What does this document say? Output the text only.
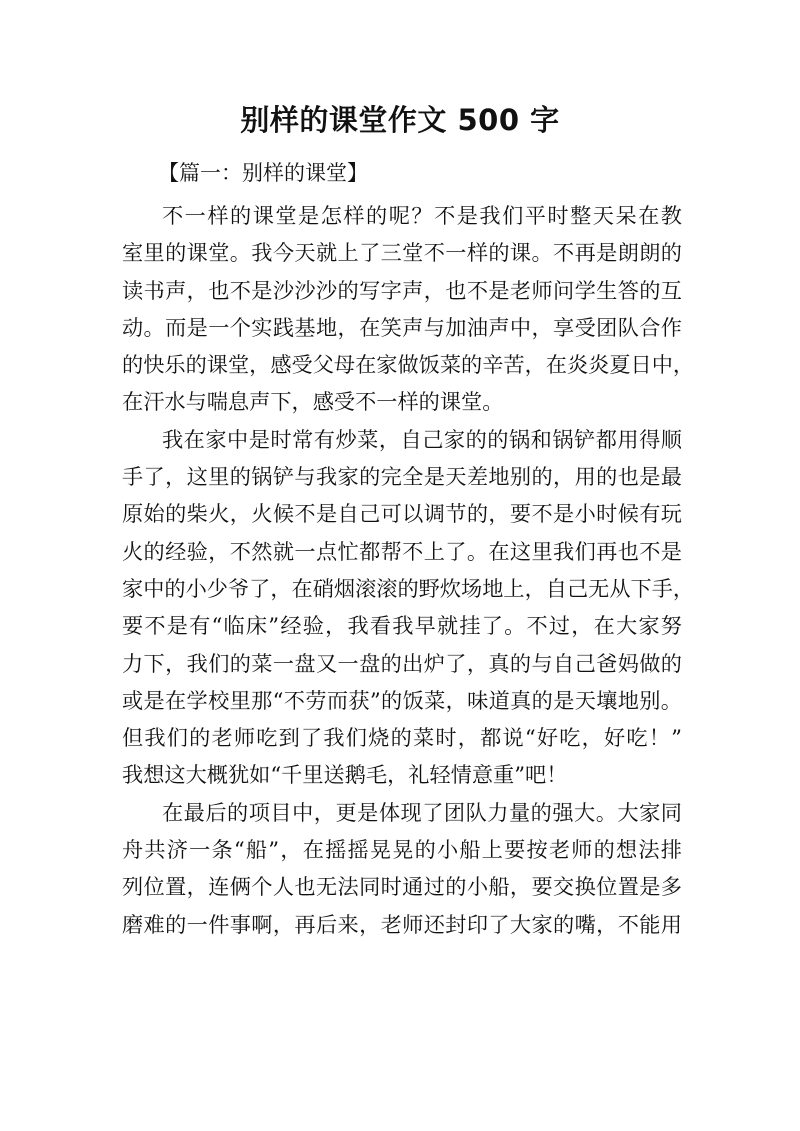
别样的课堂作文 500 字

【篇一：别样的课堂】

不一样的课堂是怎样的呢？不是我们平时整天呆在教
室里的课堂。我今天就上了三堂不一样的课。不再是朗朗的
读书声，也不是沙沙沙的写字声，也不是老师问学生答的互
动。而是一个实践基地，在笑声与加油声中，享受团队合作
的快乐的课堂，感受父母在家做饭菜的辛苦，在炎炎夏日中，
在汗水与喘息声下，感受不一样的课堂。
我在家中是时常有炒菜，自己家的的锅和锅铲都用得顺
手了，这里的锅铲与我家的完全是天差地别的，用的也是最
原始的柴火，火候不是自己可以调节的，要不是小时候有玩
火的经验，不然就一点忙都帮不上了。在这里我们再也不是
家中的小少爷了，在硝烟滚滚的野炊场地上，自己无从下手，
要不是有“临床”经验，我看我早就挂了。不过，在大家努
力下，我们的菜一盘又一盘的出炉了，真的与自己爸妈做的
或是在学校里那“不劳而获”的饭菜，味道真的是天壤地别。
但我们的老师吃到了我们烧的菜时，都说“好吃，好吃！”
我想这大概犹如“千里送鹅毛，礼轻情意重”吧！
在最后的项目中，更是体现了团队力量的强大。大家同
舟共济一条“船”，在摇摇晃晃的小船上要按老师的想法排
列位置，连俩个人也无法同时通过的小船，要交换位置是多
磨难的一件事啊，再后来，老师还封印了大家的嘴，不能用
